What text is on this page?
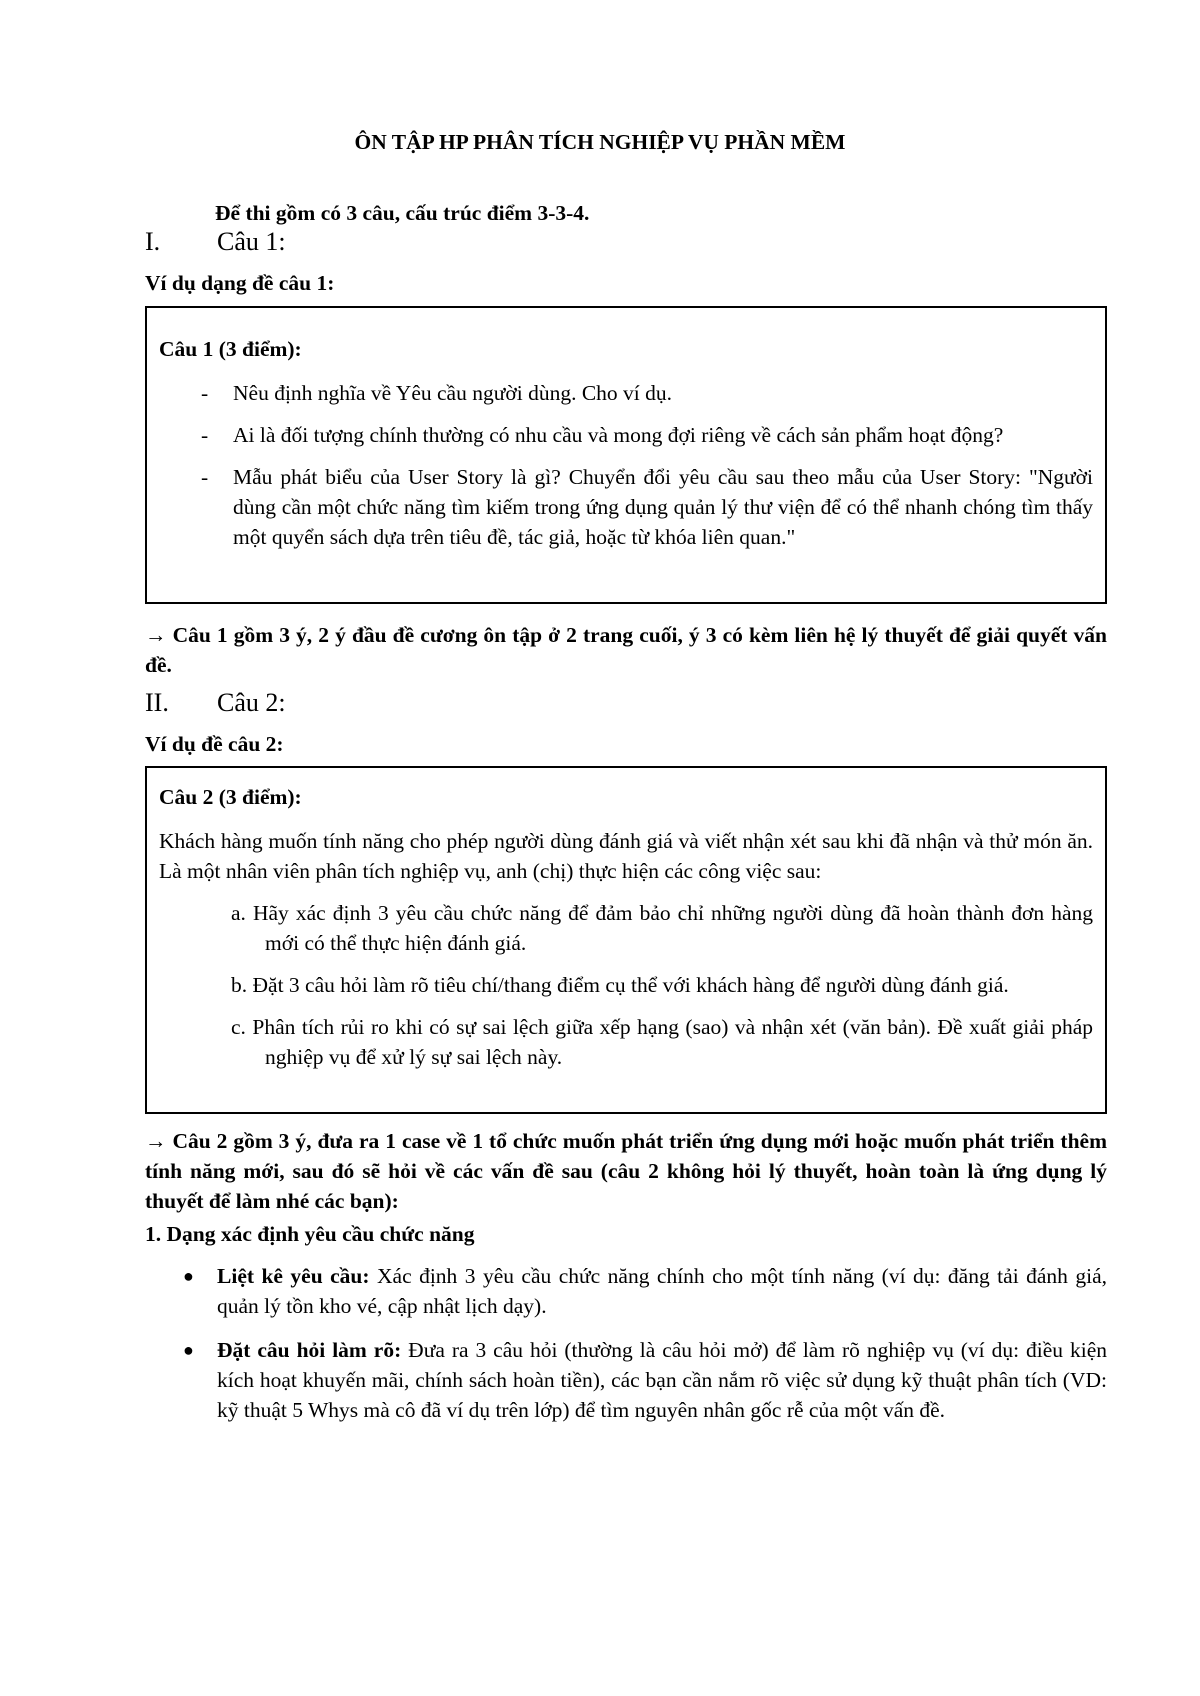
ÔN TẬP HP PHÂN TÍCH NGHIỆP VỤ PHẦN MỀM
Để thi gồm có 3 câu, cấu trúc điểm 3-3-4.
I. Câu 1:
Ví dụ dạng đề câu 1:
Câu 1 (3 điểm):
- Nêu định nghĩa về Yêu cầu người dùng. Cho ví dụ.
- Ai là đối tượng chính thường có nhu cầu và mong đợi riêng về cách sản phẩm hoạt động?
- Mẫu phát biểu của User Story là gì? Chuyển đổi yêu cầu sau theo mẫu của User Story: "Người dùng cần một chức năng tìm kiếm trong ứng dụng quản lý thư viện để có thể nhanh chóng tìm thấy một quyển sách dựa trên tiêu đề, tác giả, hoặc từ khóa liên quan."
→ Câu 1 gồm 3 ý, 2 ý đầu đề cương ôn tập ở 2 trang cuối, ý 3 có kèm liên hệ lý thuyết để giải quyết vấn đề.
II. Câu 2:
Ví dụ đề câu 2:
Câu 2 (3 điểm):

Khách hàng muốn tính năng cho phép người dùng đánh giá và viết nhận xét sau khi đã nhận và thử món ăn. Là một nhân viên phân tích nghiệp vụ, anh (chị) thực hiện các công việc sau:

a. Hãy xác định 3 yêu cầu chức năng để đảm bảo chỉ những người dùng đã hoàn thành đơn hàng mới có thể thực hiện đánh giá.
b. Đặt 3 câu hỏi làm rõ tiêu chí/thang điểm cụ thể với khách hàng để người dùng đánh giá.
c. Phân tích rủi ro khi có sự sai lệch giữa xếp hạng (sao) và nhận xét (văn bản). Đề xuất giải pháp nghiệp vụ để xử lý sự sai lệch này.
→ Câu 2 gồm 3 ý, đưa ra 1 case về 1 tổ chức muốn phát triển ứng dụng mới hoặc muốn phát triển thêm tính năng mới, sau đó sẽ hỏi về các vấn đề sau (câu 2 không hỏi lý thuyết, hoàn toàn là ứng dụng lý thuyết để làm nhé các bạn):
1. Dạng xác định yêu cầu chức năng
● Liệt kê yêu cầu: Xác định 3 yêu cầu chức năng chính cho một tính năng (ví dụ: đăng tải đánh giá, quản lý tồn kho vé, cập nhật lịch dạy).
● Đặt câu hỏi làm rõ: Đưa ra 3 câu hỏi (thường là câu hỏi mở) để làm rõ nghiệp vụ (ví dụ: điều kiện kích hoạt khuyến mãi, chính sách hoàn tiền), các bạn cần nắm rõ việc sử dụng kỹ thuật phân tích (VD: kỹ thuật 5 Whys mà cô đã ví dụ trên lớp) để tìm nguyên nhân gốc rễ của một vấn đề.
